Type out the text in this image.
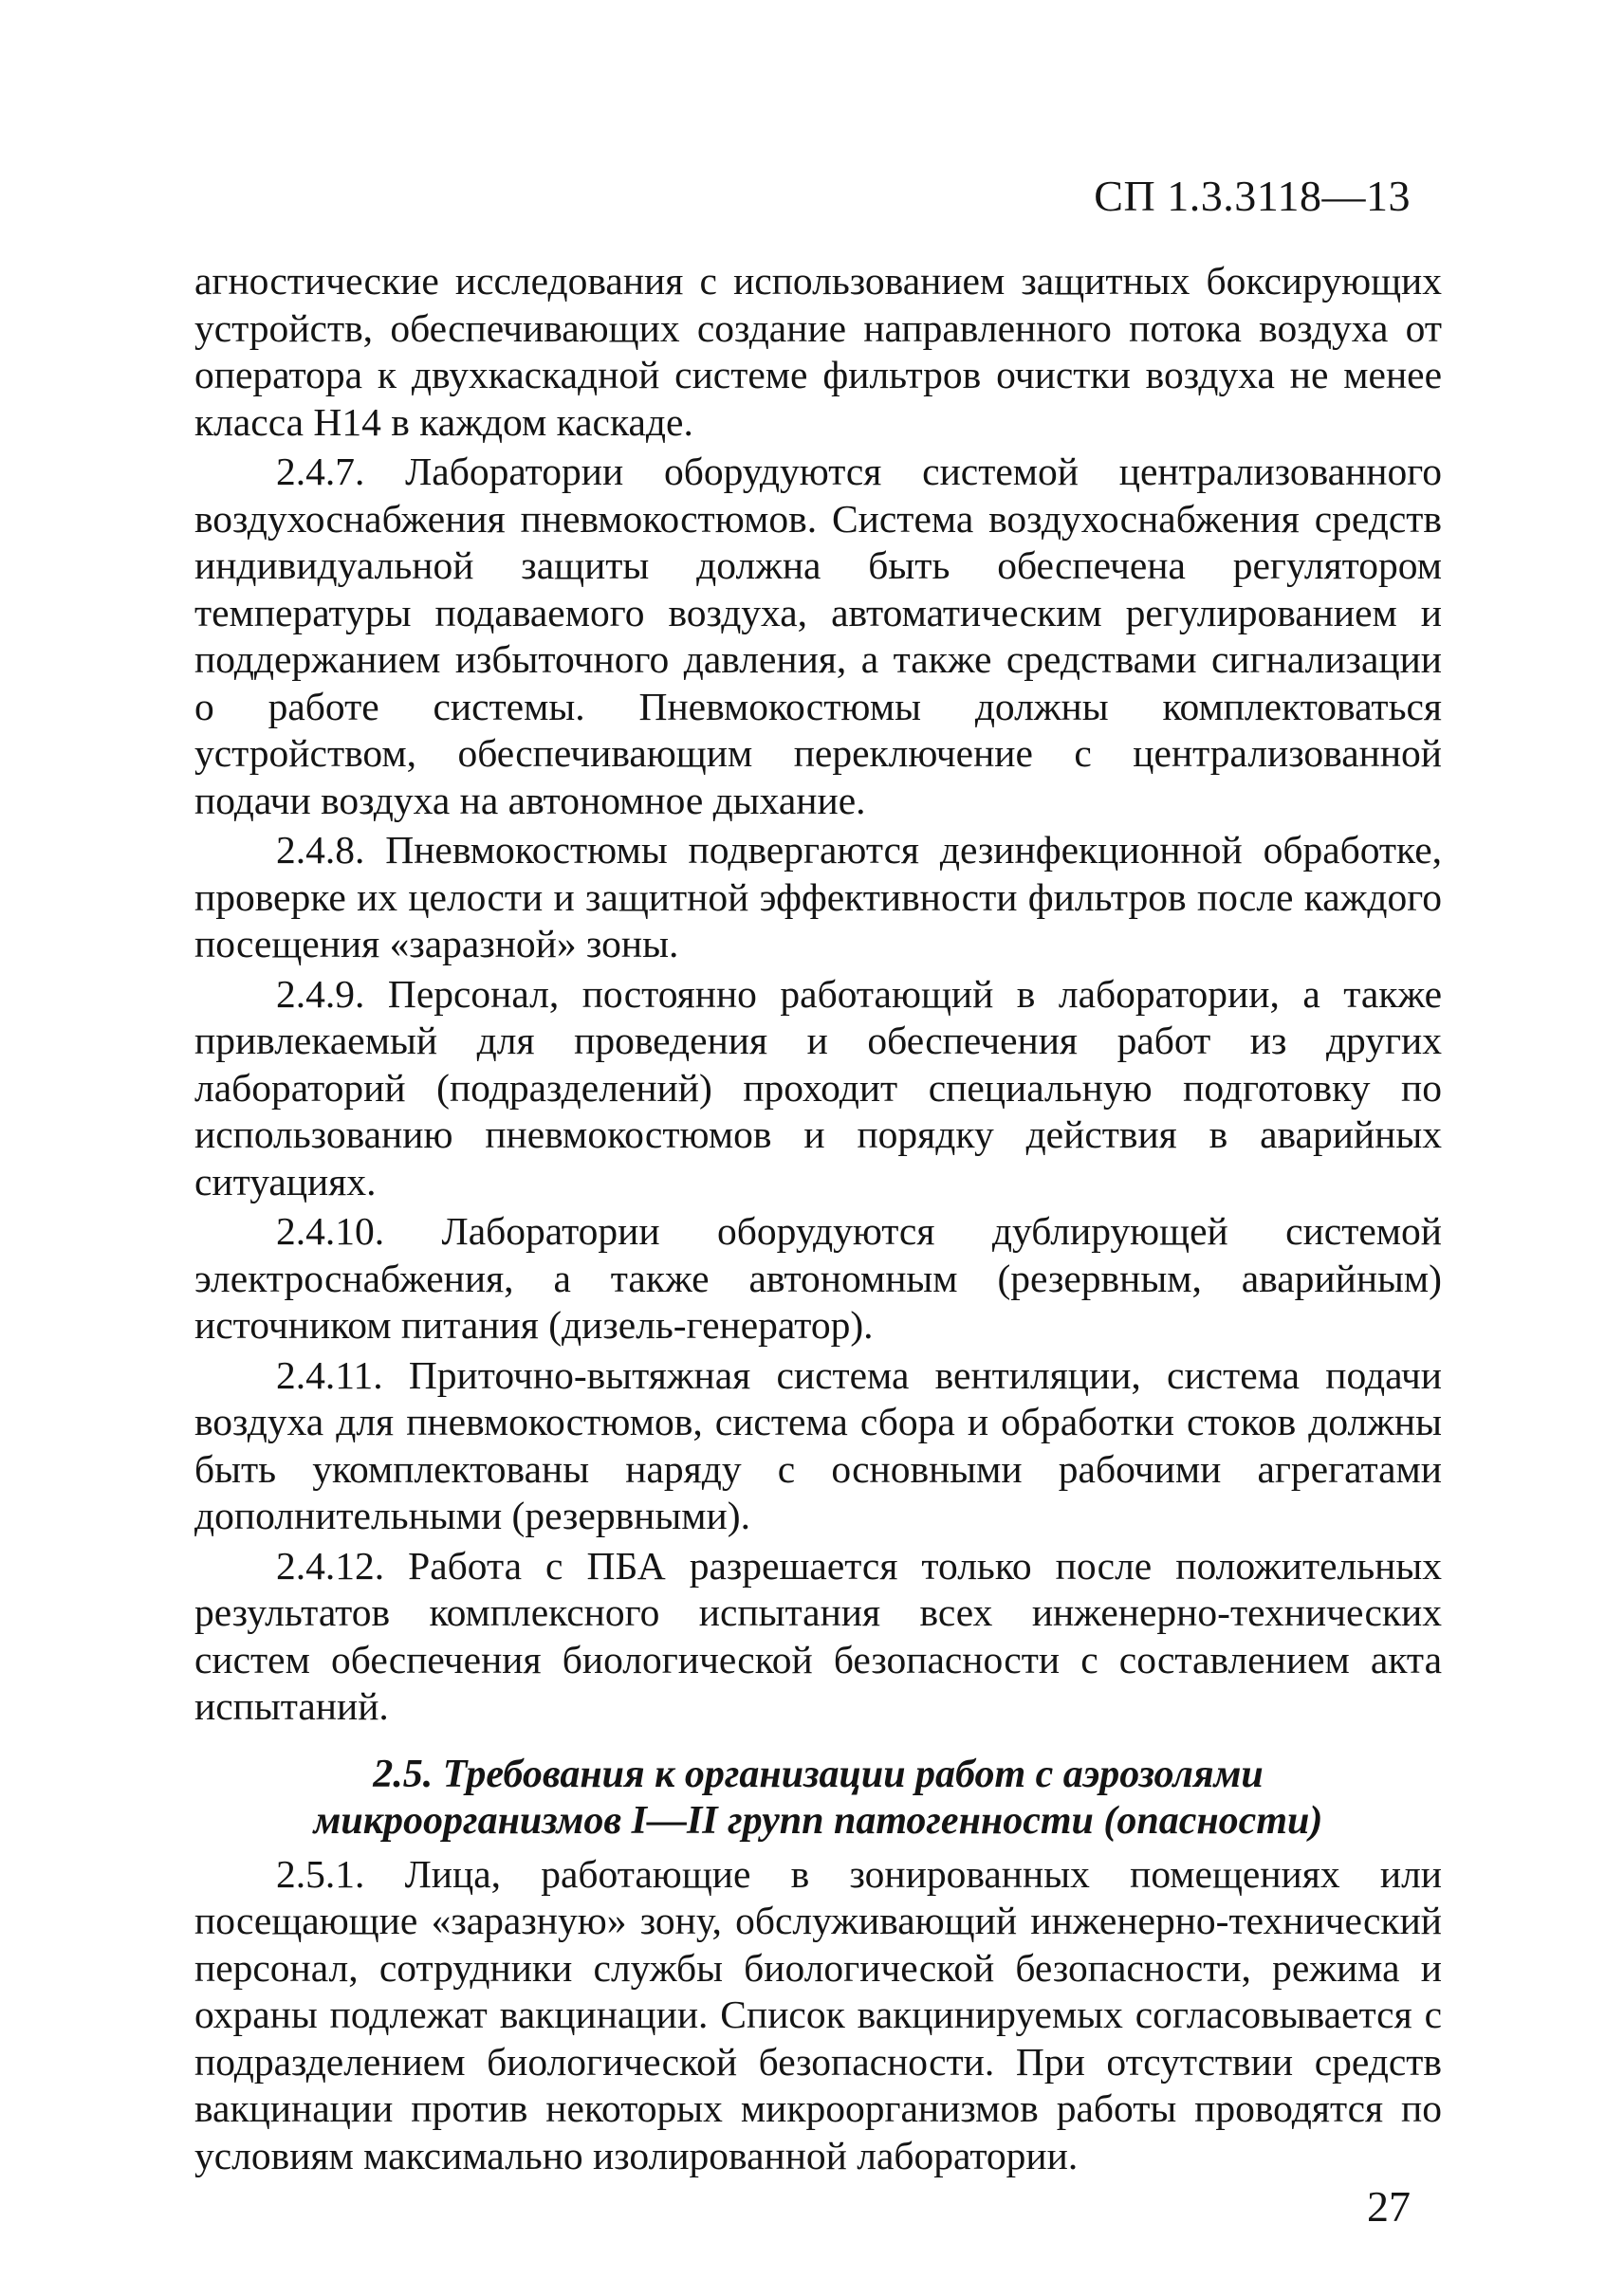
СП 1.3.3118—13

агностические исследования с использованием защитных боксирующих устройств, обеспечивающих создание направленного потока воздуха от оператора к двухкаскадной системе фильтров очистки воздуха не менее класса Н14 в каждом каскаде.

2.4.7. Лаборатории оборудуются системой централизованного воздухоснабжения пневмокостюмов. Система воздухоснабжения средств индивидуальной защиты должна быть обеспечена регулятором температуры подаваемого воздуха, автоматическим регулированием и поддержанием избыточного давления, а также средствами сигнализации о работе системы. Пневмокостюмы должны комплектоваться устройством, обеспечивающим переключение с централизованной подачи воздуха на автономное дыхание.

2.4.8. Пневмокостюмы подвергаются дезинфекционной обработке, проверке их целости и защитной эффективности фильтров после каждого посещения «заразной» зоны.

2.4.9. Персонал, постоянно работающий в лаборатории, а также привлекаемый для проведения и обеспечения работ из других лабораторий (подразделений) проходит специальную подготовку по использованию пневмокостюмов и порядку действия в аварийных ситуациях.

2.4.10. Лаборатории оборудуются дублирующей системой электроснабжения, а также автономным (резервным, аварийным) источником питания (дизель-генератор).

2.4.11. Приточно-вытяжная система вентиляции, система подачи воздуха для пневмокостюмов, система сбора и обработки стоков должны быть укомплектованы наряду с основными рабочими агрегатами дополнительными (резервными).

2.4.12. Работа с ПБА разрешается только после положительных результатов комплексного испытания всех инженерно-технических систем обеспечения биологической безопасности с составлением акта испытаний.

2.5. Требования к организации работ с аэрозолями
микроорганизмов I—II групп патогенности (опасности)

2.5.1. Лица, работающие в зонированных помещениях или посещающие «заразную» зону, обслуживающий инженерно-технический персонал, сотрудники службы биологической безопасности, режима и охраны подлежат вакцинации. Список вакцинируемых согласовывается с подразделением биологической безопасности. При отсутствии средств вакцинации против некоторых микроорганизмов работы проводятся по условиям максимально изолированной лаборатории.

27
